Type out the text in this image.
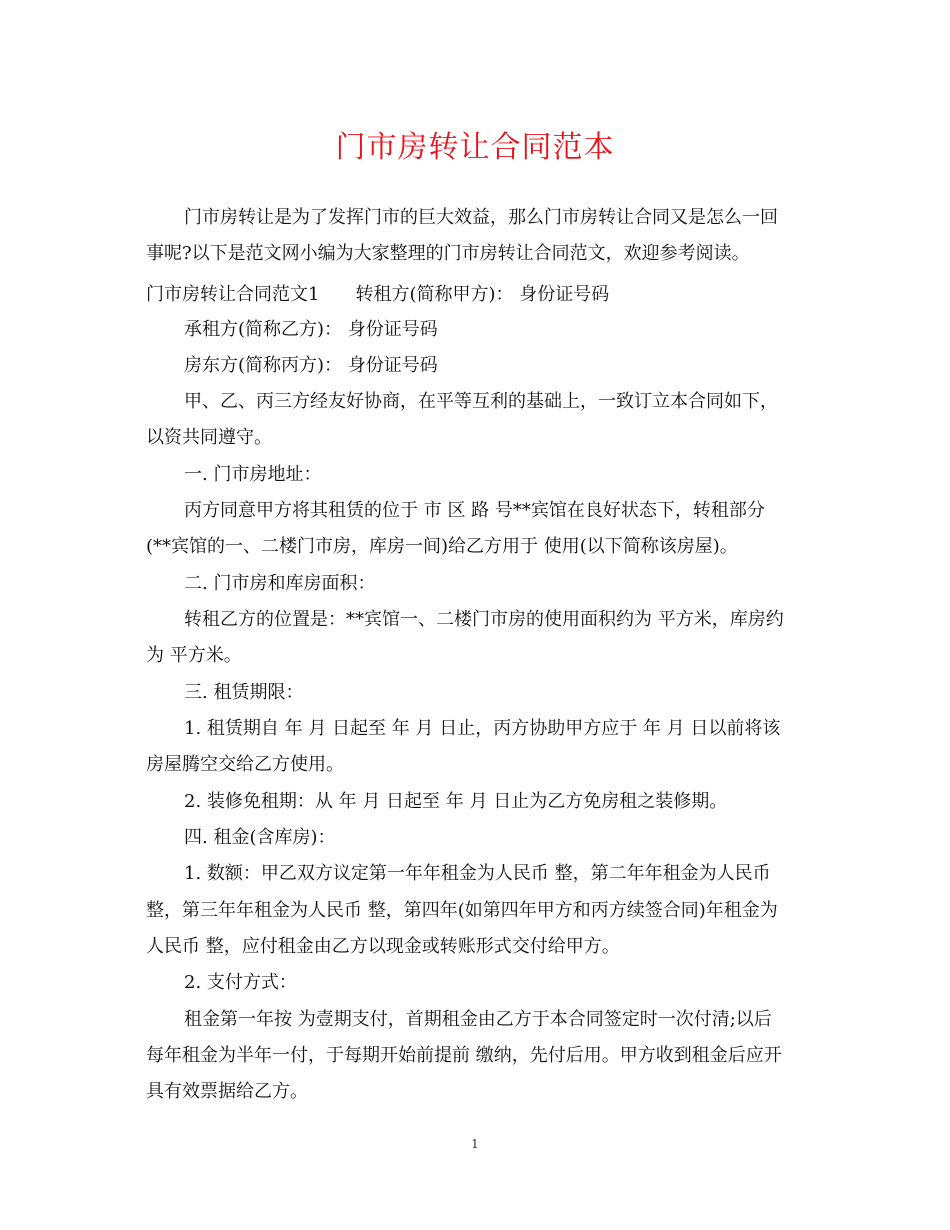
门市房转让合同范本
门市房转让是为了发挥门市的巨大效益，那么门市房转让合同又是怎么一回
事呢?以下是范文网小编为大家整理的门市房转让合同范文，欢迎参考阅读。
门市房转让合同范文1 转租方(简称甲方)： 身份证号码
承租方(简称乙方)： 身份证号码
房东方(简称丙方)： 身份证号码
甲、乙、丙三方经友好协商，在平等互利的基础上，一致订立本合同如下，
以资共同遵守。
一. 门市房地址：
丙方同意甲方将其租赁的位于 市 区 路 号**宾馆在良好状态下，转租部分
(**宾馆的一、二楼门市房，库房一间)给乙方用于 使用(以下简称该房屋)。
二. 门市房和库房面积：
转租乙方的位置是：**宾馆一、二楼门市房的使用面积约为 平方米，库房约
为 平方米。
三. 租赁期限：
1. 租赁期自 年 月 日起至 年 月 日止，丙方协助甲方应于 年 月 日以前将该
房屋腾空交给乙方使用。
2. 装修免租期：从 年 月 日起至 年 月 日止为乙方免房租之装修期。
四. 租金(含库房)：
1. 数额：甲乙双方议定第一年年租金为人民币 整，第二年年租金为人民币
整，第三年年租金为人民币 整，第四年(如第四年甲方和丙方续签合同)年租金为
人民币 整，应付租金由乙方以现金或转账形式交付给甲方。
2. 支付方式：
租金第一年按 为壹期支付，首期租金由乙方于本合同签定时一次付清;以后
每年租金为半年一付，于每期开始前提前 缴纳，先付后用。甲方收到租金后应开
具有效票据给乙方。
1
